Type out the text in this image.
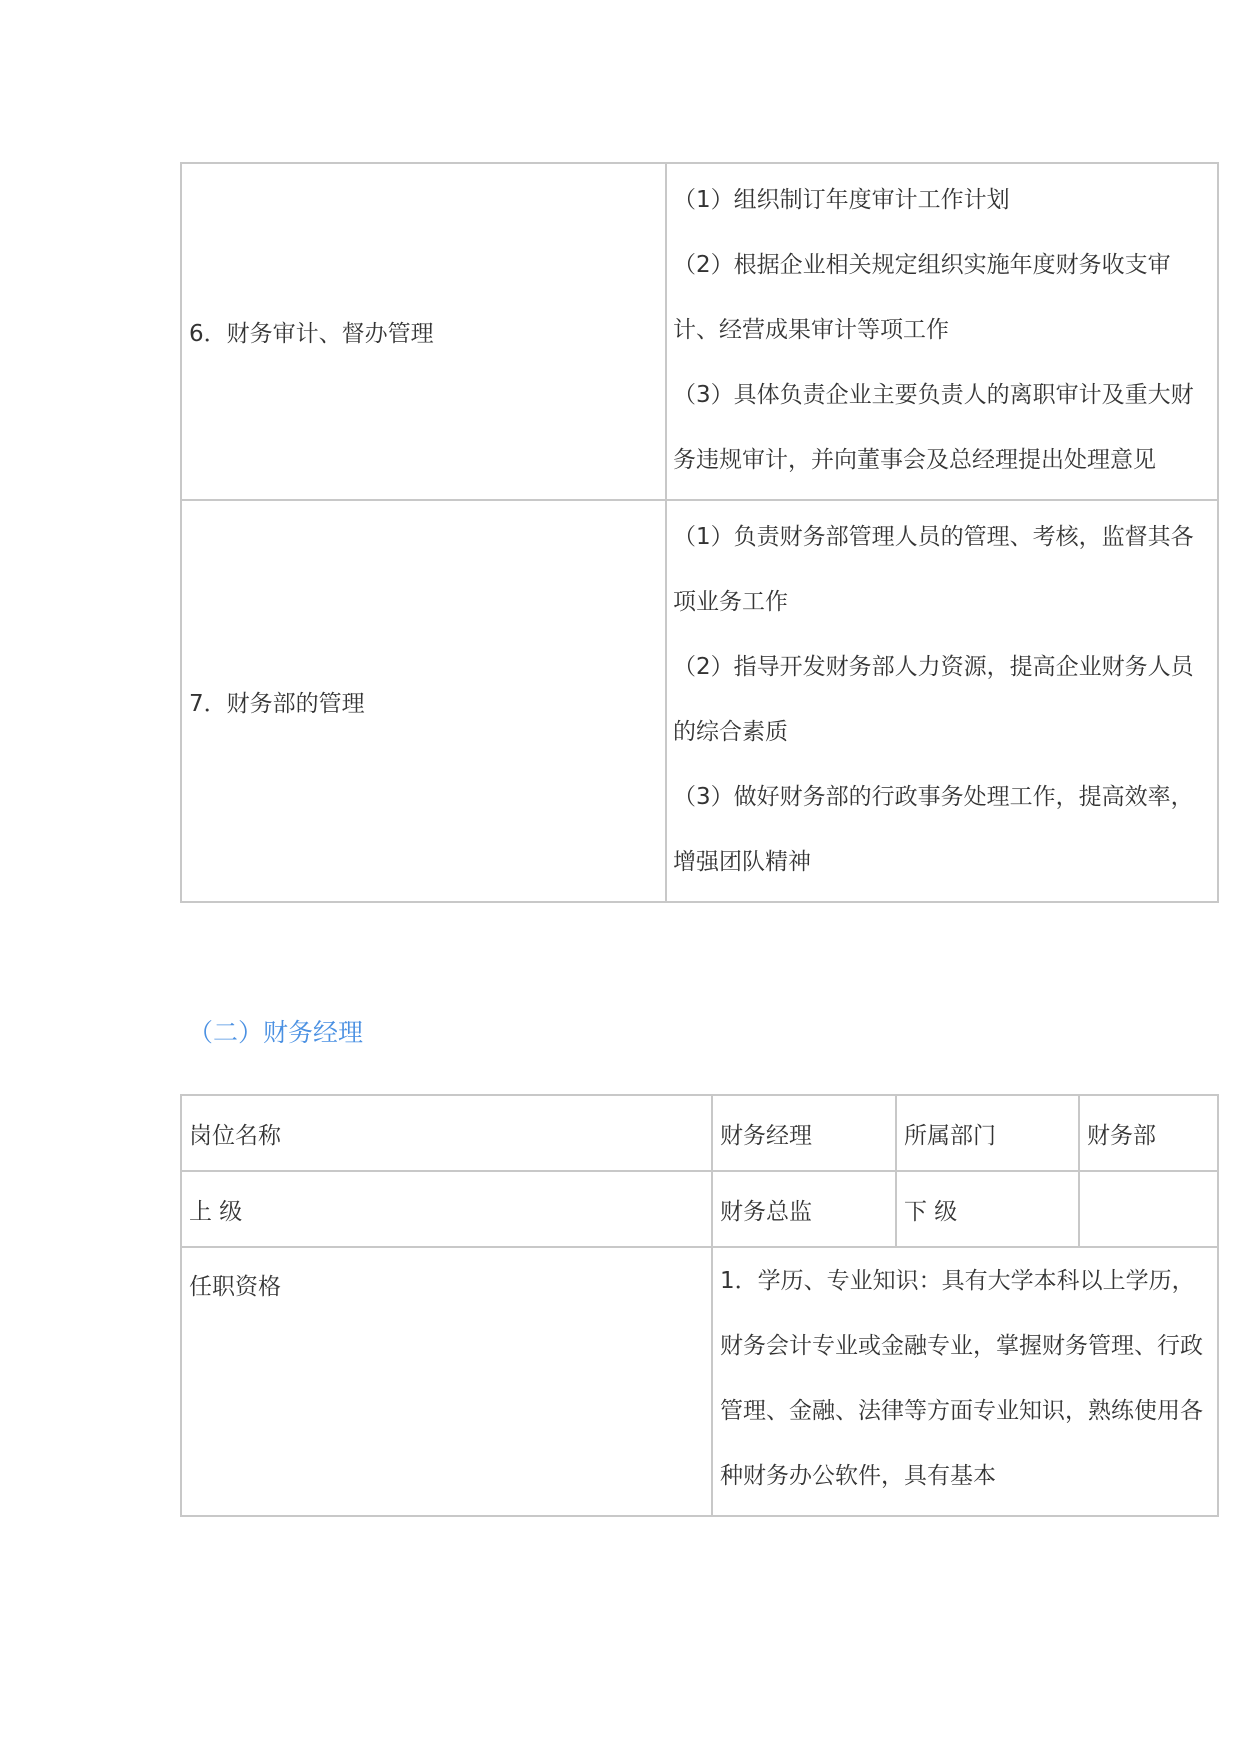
6．财务审计、督办管理	（1）组织制订年度审计工作计划
（2）根据企业相关规定组织实施年度财务收支审计、经营成果审计等项工作
（3）具体负责企业主要负责人的离职审计及重大财务违规审计，并向董事会及总经理提出处理意见

7．财务部的管理	（1）负责财务部管理人员的管理、考核，监督其各项业务工作
（2）指导开发财务部人力资源，提高企业财务人员的综合素质
（3）做好财务部的行政事务处理工作，提高效率，增强团队精神
（二）财务经理
岗位名称	财务经理	所属部门	财务部
上 级	财务总监	下 级	
任职资格	1．学历、专业知识：具有大学本科以上学历，财务会计专业或金融专业，掌握财务管理、行政管理、金融、法律等方面专业知识，熟练使用各种财务办公软件，具有基本		
